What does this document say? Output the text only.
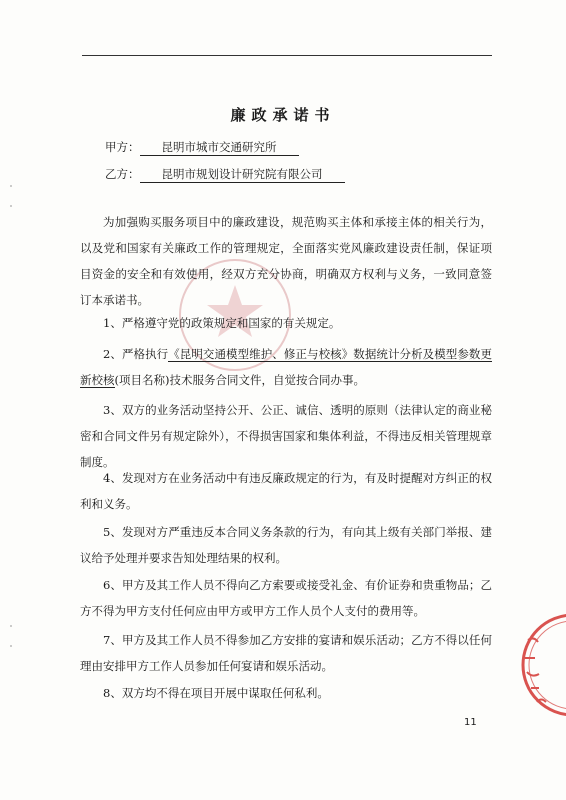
廉政承诺书
甲方： 昆明市城市交通研究所
乙方： 昆明市规划设计研究院有限公司
为加强购买服务项目中的廉政建设，规范购买主体和承接主体的相关行为，以及党和国家有关廉政工作的管理规定，全面落实党风廉政建设责任制，保证项目资金的安全和有效使用，经双方充分协商，明确双方权利与义务，一致同意签订本承诺书。
1、严格遵守党的政策规定和国家的有关规定。
2、严格执行《昆明交通模型维护、修正与校核》数据统计分析及模型参数更新校核(项目名称)技术服务合同文件，自觉按合同办事。
3、双方的业务活动坚持公开、公正、诚信、透明的原则（法律认定的商业秘密和合同文件另有规定除外），不得损害国家和集体利益，不得违反相关管理规章制度。
4、发现对方在业务活动中有违反廉政规定的行为，有及时提醒对方纠正的权利和义务。
5、发现对方严重违反本合同义务条款的行为，有向其上级有关部门举报、建议给予处理并要求告知处理结果的权利。
6、甲方及其工作人员不得向乙方索要或接受礼金、有价证券和贵重物品；乙方不得为甲方支付任何应由甲方或甲方工作人员个人支付的费用等。
7、甲方及其工作人员不得参加乙方安排的宴请和娱乐活动；乙方不得以任何理由安排甲方工作人员参加任何宴请和娱乐活动。
8、双方均不得在项目开展中谋取任何私利。
11
